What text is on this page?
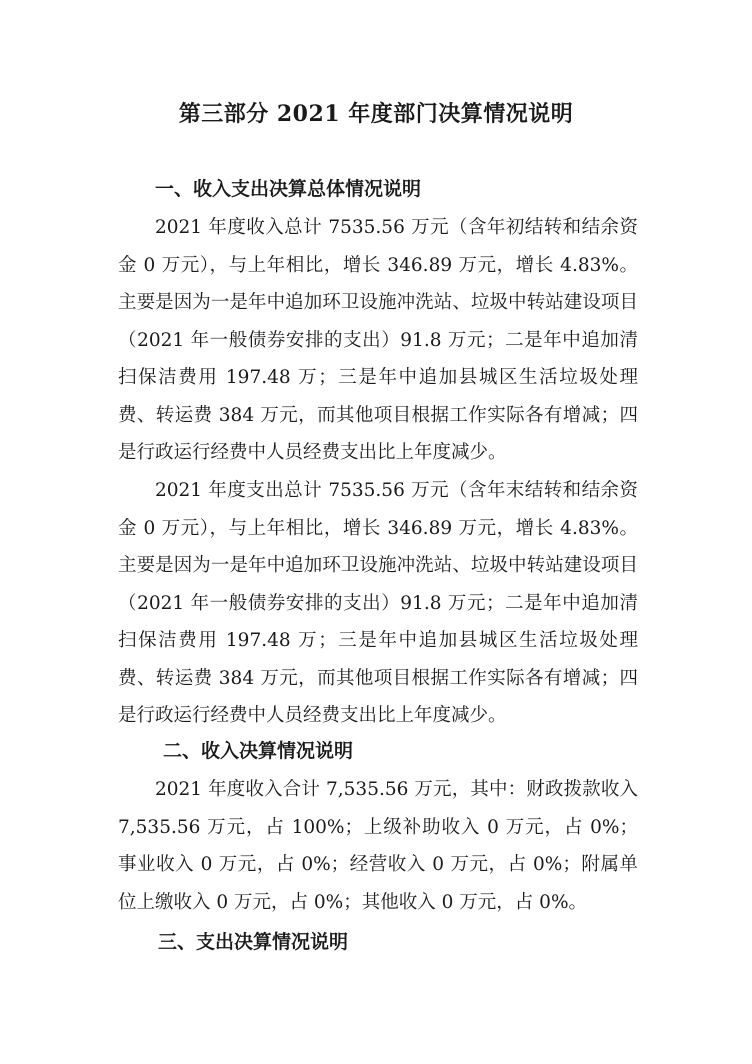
第三部分 2021 年度部门决算情况说明
一、收入支出决算总体情况说明

2021 年度收入总计 7535.56 万元（含年初结转和结余资金 0 万元），与上年相比，增长 346.89 万元，增长 4.83%。主要是因为一是年中追加环卫设施冲洗站、垃圾中转站建设项目（2021 年一般债券安排的支出）91.8 万元；二是年中追加清扫保洁费用 197.48 万；三是年中追加县城区生活垃圾处理费、转运费 384 万元，而其他项目根据工作实际各有增减；四是行政运行经费中人员经费支出比上年度减少。

2021 年度支出总计 7535.56 万元（含年末结转和结余资金 0 万元），与上年相比，增长 346.89 万元，增长 4.83%。主要是因为一是年中追加环卫设施冲洗站、垃圾中转站建设项目（2021 年一般债券安排的支出）91.8 万元；二是年中追加清扫保洁费用 197.48 万；三是年中追加县城区生活垃圾处理费、转运费 384 万元，而其他项目根据工作实际各有增减；四是行政运行经费中人员经费支出比上年度减少。

二、收入决算情况说明

2021 年度收入合计 7,535.56 万元，其中：财政拨款收入 7,535.56 万元，占 100%；上级补助收入 0 万元，占 0%；事业收入 0 万元，占 0%；经营收入 0 万元，占 0%；附属单位上缴收入 0 万元，占 0%；其他收入 0 万元，占 0%。

三、支出决算情况说明
